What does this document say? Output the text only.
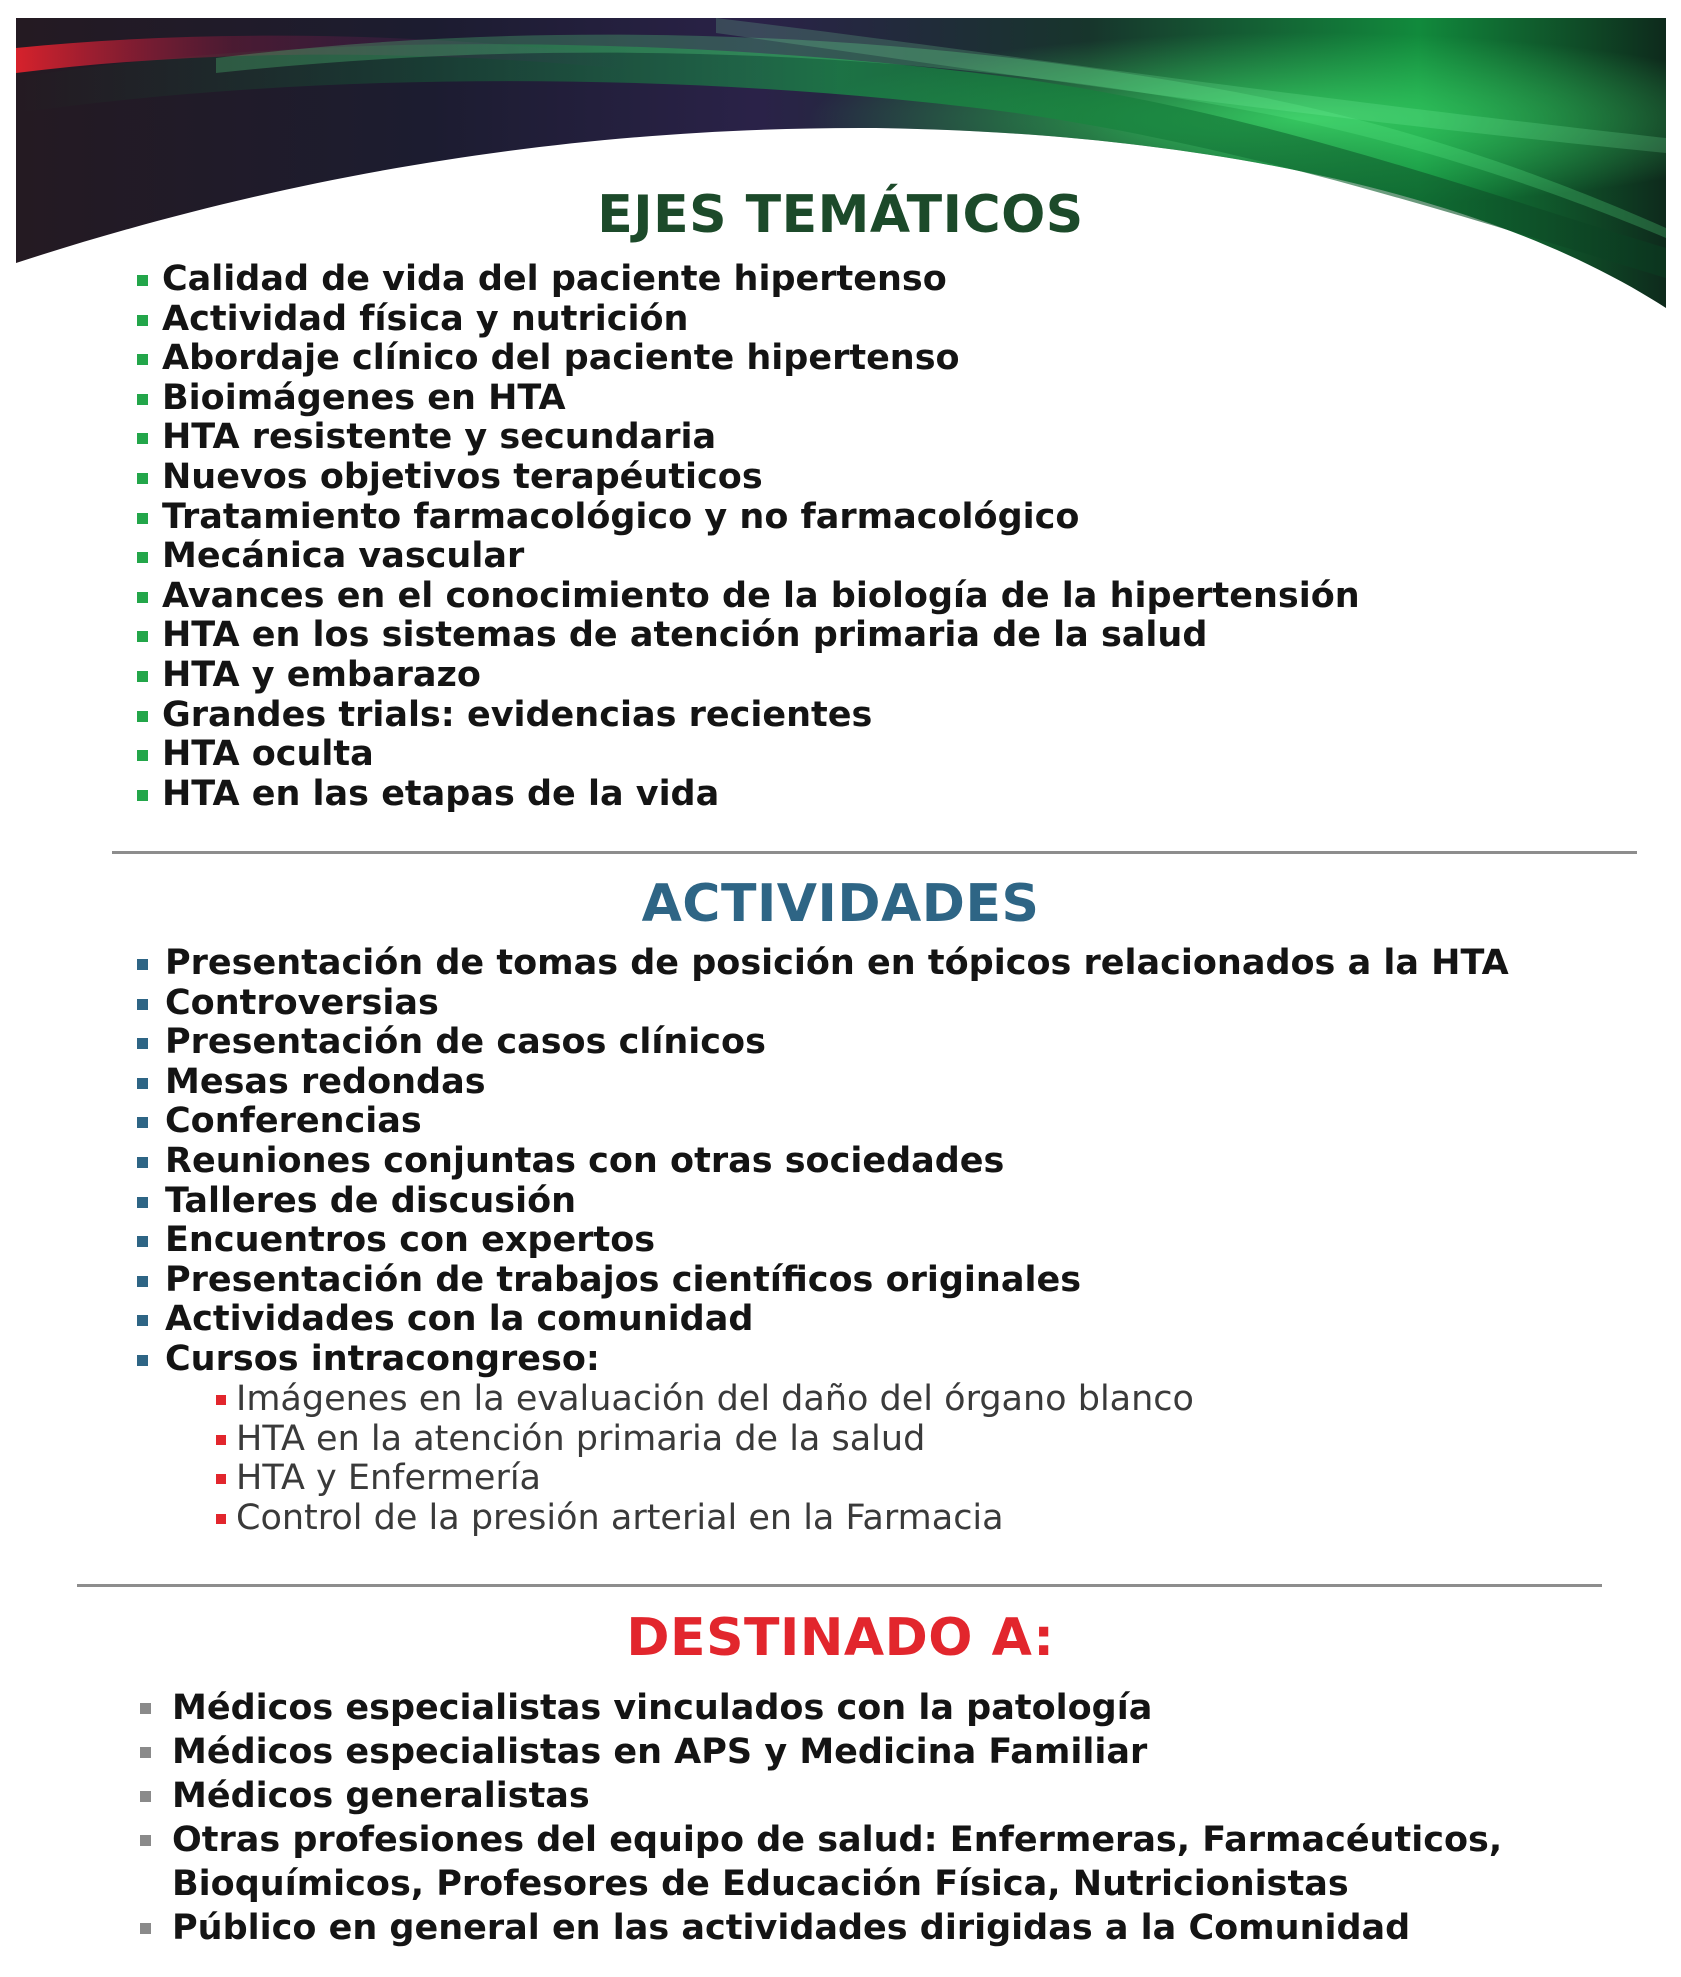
EJES TEMÁTICOS
Calidad de vida del paciente hipertenso
Actividad física y nutrición
Abordaje clínico del paciente hipertenso
Bioimágenes en HTA
HTA resistente y secundaria
Nuevos objetivos terapéuticos
Tratamiento farmacológico y no farmacológico
Mecánica vascular
Avances en el conocimiento de la biología de la hipertensión
HTA en los sistemas de atención primaria de la salud
HTA y embarazo
Grandes trials: evidencias recientes
HTA oculta
HTA en las etapas de la vida
ACTIVIDADES
Presentación de tomas de posición en tópicos relacionados a la HTA
Controversias
Presentación de casos clínicos
Mesas redondas
Conferencias
Reuniones conjuntas con otras sociedades
Talleres de discusión
Encuentros con expertos
Presentación de trabajos científicos originales
Actividades con la comunidad
Cursos intracongreso:
Imágenes en la evaluación del daño del órgano blanco
HTA en la atención primaria de la salud
HTA y Enfermería
Control de la presión arterial en la Farmacia
DESTINADO A:
Médicos especialistas vinculados con la patología
Médicos especialistas en APS y Medicina Familiar
Médicos generalistas
Otras profesiones del equipo de salud: Enfermeras, Farmacéuticos,
Bioquímicos, Profesores de Educación Física, Nutricionistas
Público en general en las actividades dirigidas a la Comunidad
